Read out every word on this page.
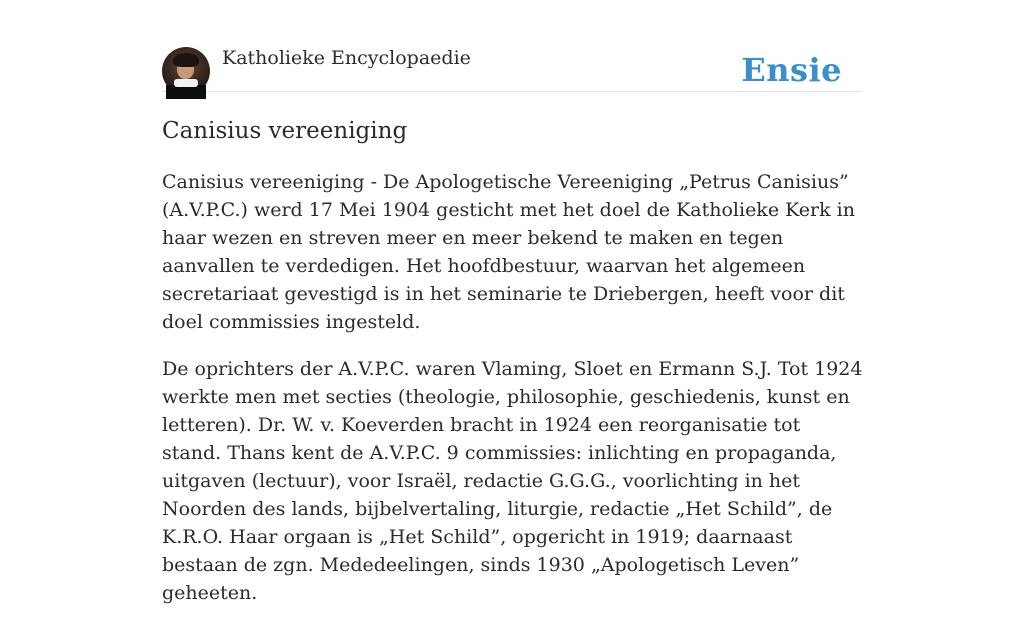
Katholieke Encyclopaedie	Ensie
Canisius vereeniging

Canisius vereeniging - De Apologetische Vereeniging „Petrus Canisius” (A.V.P.C.) werd 17 Mei 1904 gesticht met het doel de Katholieke Kerk in haar wezen en streven meer en meer bekend te maken en tegen aanvallen te verdedigen. Het hoofdbestuur, waarvan het algemeen secretariaat gevestigd is in het seminarie te Driebergen, heeft voor dit doel commissies ingesteld.

De oprichters der A.V.P.C. waren Vlaming, Sloet en Ermann S.J. Tot 1924 werkte men met secties (theologie, philosophie, geschiedenis, kunst en letteren). Dr. W. v. Koeverden bracht in 1924 een reorganisatie tot stand. Thans kent de A.V.P.C. 9 commissies: inlichting en propaganda, uitgaven (lectuur), voor Israël, redactie G.G.G., voorlichting in het Noorden des lands, bijbelvertaling, liturgie, redactie „Het Schild”, de K.R.O. Haar orgaan is „Het Schild”, opgericht in 1919; daarnaast bestaan de zgn. Mededeelingen, sinds 1930 „Apologetisch Leven” geheeten.
